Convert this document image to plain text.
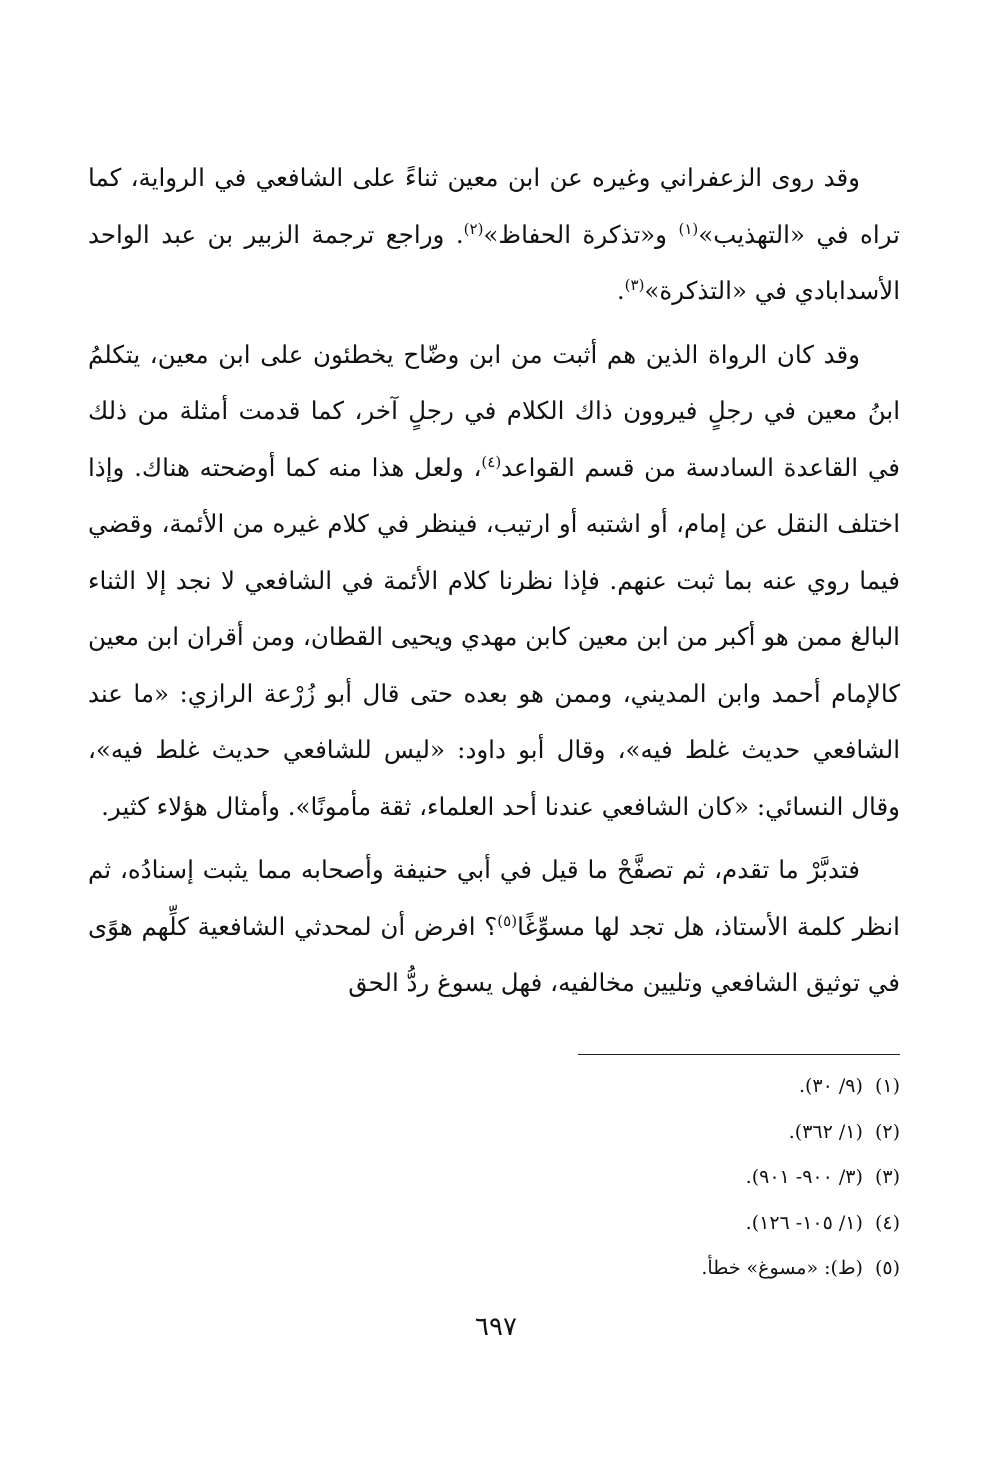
وقد روى الزعفراني وغيره عن ابن معين ثناءً على الشافعي في الرواية، كما تراه في «التهذيب»$^{(١)}$ و«تذكرة الحفاظ»$^{(٢)}$. وراجع ترجمة الزبير بن عبد الواحد الأسدابادي في «التذكرة»$^{(٣)}$.

وقد كان الرواة الذين هم أثبت من ابن وضّاح يخطئون على ابن معين، يتكلمُ ابنُ معين في رجلٍ فيروون ذاك الكلام في رجلٍ آخر، كما قدمت أمثلة من ذلك في القاعدة السادسة من قسم القواعد$^{(٤)}$، ولعل هذا منه كما أوضحته هناك. وإذا اختلف النقل عن إمام، أو اشتبه أو ارتيب، فينظر في كلام غيره من الأئمة، وقضي فيما روي عنه بما ثبت عنهم. فإذا نظرنا كلام الأئمة في الشافعي لا نجد إلا الثناء البالغ ممن هو أكبر من ابن معين كابن مهدي ويحيى القطان، ومن أقران ابن معين كالإمام أحمد وابن المديني، وممن هو بعده حتى قال أبو زُرْعة الرازي: «ما عند الشافعي حديث غلط فيه»، وقال أبو داود: «ليس للشافعي حديث غلط فيه»، وقال النسائي: «كان الشافعي عندنا أحد العلماء، ثقة مأمونًا». وأمثال هؤلاء كثير.

فتدبَّرْ ما تقدم، ثم تصفَّحْ ما قيل في أبي حنيفة وأصحابه مما يثبت إسنادُه، ثم انظر كلمة الأستاذ، هل تجد لها مسوِّغًا$^{(٥)}$؟ افرض أن لمحدثي الشافعية كلِّهم هوًى في توثيق الشافعي وتليين مخالفيه، فهل يسوغ ردُّ الحق

(١)(٩/ ٣٠).
(٢)(١/ ٣٦٢).
(٣)(٣/ ٩٠٠- ٩٠١).
(٤)(١/ ١٠٥- ١٢٦).
(٥)(ط): «مسوغ» خطأ.
٦٩٧
